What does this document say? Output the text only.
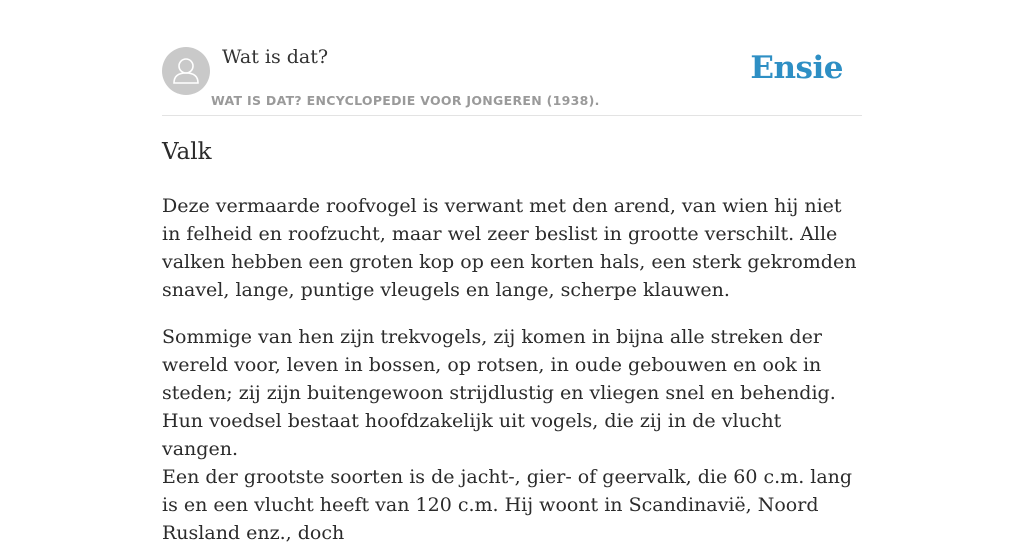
Wat is dat?
WAT IS DAT? ENCYCLOPEDIE VOOR JONGEREN (1938).
Ensie
Valk

Deze vermaarde roofvogel is verwant met den arend, van wien hij niet in felheid en roofzucht, maar wel zeer beslist in grootte verschilt. Alle valken hebben een groten kop op een korten hals, een sterk gekromden snavel, lange, puntige vleugels en lange, scherpe klauwen.

Sommige van hen zijn trekvogels, zij komen in bijna alle streken der wereld voor, leven in bossen, op rotsen, in oude gebouwen en ook in steden; zij zijn buitengewoon strijdlustig en vliegen snel en behendig. Hun voedsel bestaat hoofdzakelijk uit vogels, die zij in de vlucht vangen.

Een der grootste soorten is de jacht-, gier- of geervalk, die 60 c.m. lang is en een vlucht heeft van 120 c.m. Hij woont in Scandinavië, Noord Rusland enz., doch
